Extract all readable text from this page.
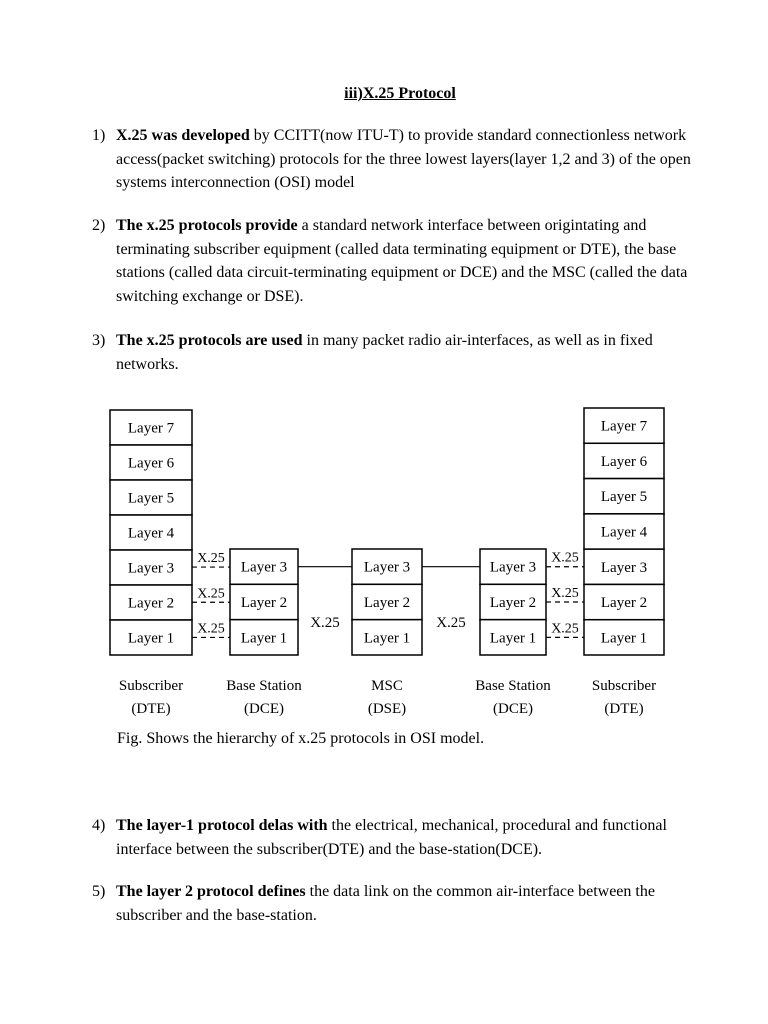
iii)X.25 Protocol
1) X.25 was developed by CCITT(now ITU-T) to provide standard connectionless network access(packet switching) protocols for the three lowest layers(layer 1,2 and 3) of the open systems interconnection (OSI) model
2) The x.25 protocols provide a standard network interface between origintating and terminating subscriber equipment (called data terminating equipment or DTE), the base stations (called data circuit-terminating equipment or DCE) and the MSC (called the data switching exchange or DSE).
3) The x.25 protocols are used in many packet radio air-interfaces, as well as in fixed networks.
Layer 7
Layer 6
Layer 5
Layer 4
Layer 3
Layer 2
Layer 1
Subscriber
(DTE)
Layer 3
Layer 2
Layer 1
Base Station
(DCE)
Layer 3
Layer 2
Layer 1
MSC
(DSE)
Layer 3
Layer 2
Layer 1
Base Station
(DCE)
Layer 7
Layer 6
Layer 5
Layer 4
Layer 3
Layer 2
Layer 1
Subscriber
(DTE)
X.25
X.25
X.25
X.25
X.25
X.25
X.25	X.25
Fig. Shows the hierarchy of x.25 protocols in OSI model.
4) The layer-1 protocol delas with the electrical, mechanical, procedural and functional interface between the subscriber(DTE) and the base-station(DCE).
5) The layer 2 protocol defines the data link on the common air-interface between the subscriber and the base-station.
